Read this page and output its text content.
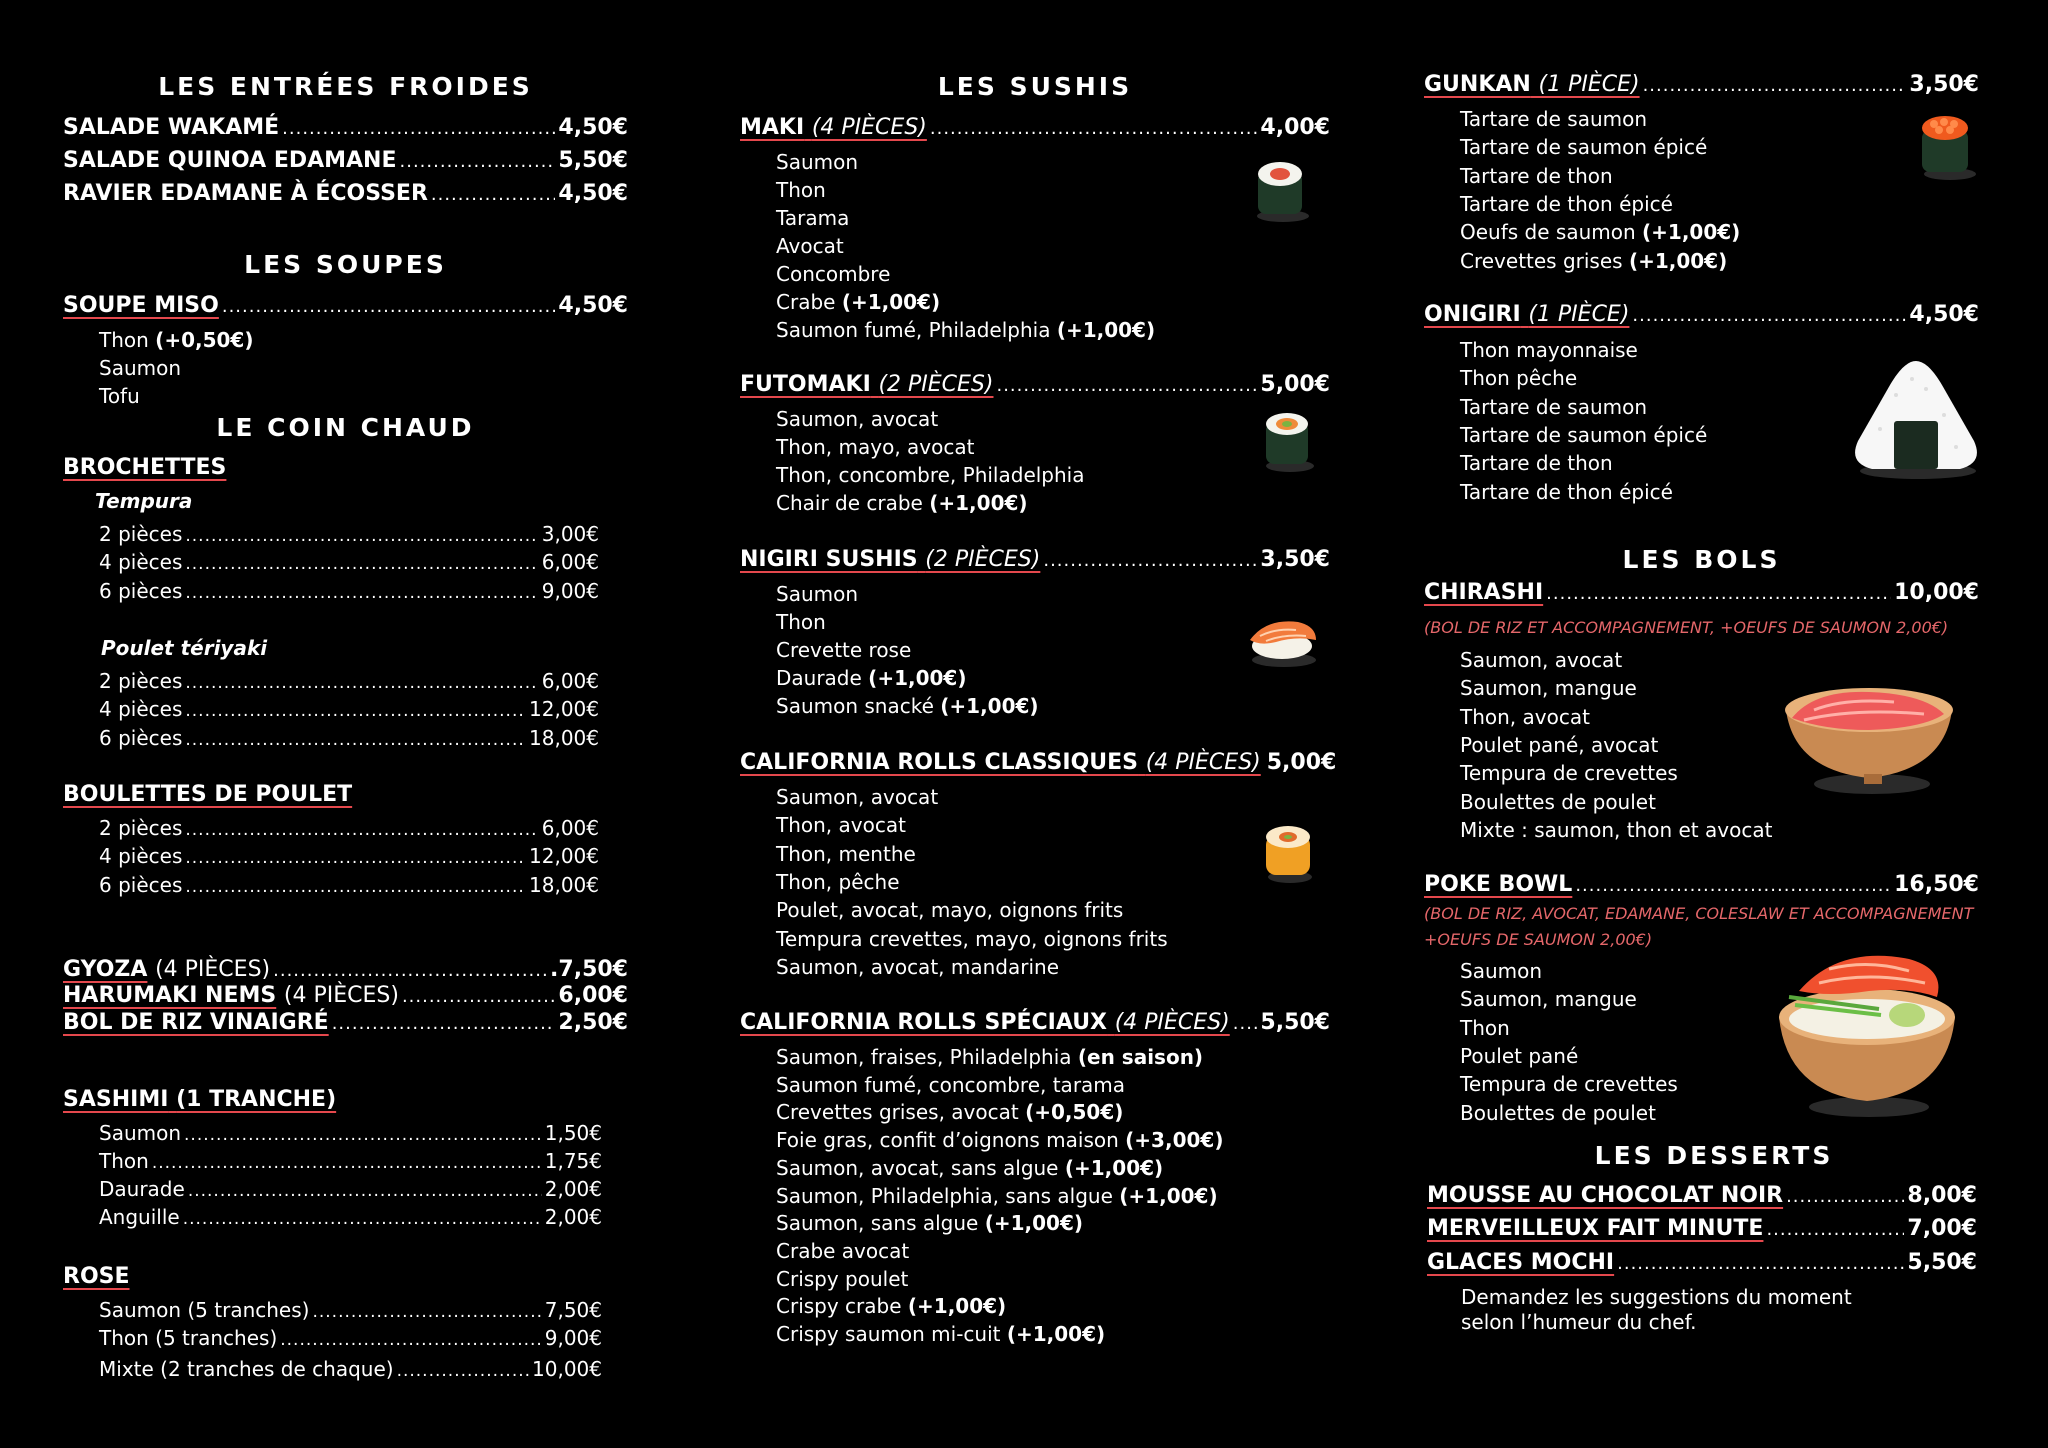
LES ENTRÉES FROIDES
SALADE WAKAMÉ .....	4,50€
SALADE QUINOA EDAMANE .....	5,50€
RAVIER EDAMANE À ÉCOSSER .....	4,50€
LES SOUPES
SOUPE MISO .....	4,50€
Thon (+0,50€)
Saumon
Tofu
LE COIN CHAUD
BROCHETTES
Tempura
2 pièces .....	3,00€
4 pièces .....	6,00€
6 pièces .....	9,00€
Poulet tériyaki
2 pièces .....	6,00€
4 pièces .....	12,00€
6 pièces .....	18,00€
BOULETTES DE POULET
2 pièces .....	6,00€
4 pièces .....	12,00€
6 pièces .....	18,00€
GYOZA (4 PIÈCES) .....	.7,50€
HARUMAKI NEMS (4 PIÈCES) .....	6,00€
BOL DE RIZ VINAIGRÉ .....	2,50€
SASHIMI (1 TRANCHE)
Saumon .....	1,50€
Thon .....	1,75€
Daurade .....	2,00€
Anguille .....	2,00€
ROSE
Saumon (5 tranches) .....	7,50€
Thon (5 tranches) .....	9,00€
Mixte (2 tranches de chaque) .....	10,00€
LES SUSHIS
MAKI (4 PIÈCES) .....	4,00€
Saumon
Thon
Tarama
Avocat
Concombre
Crabe (+1,00€)
Saumon fumé, Philadelphia (+1,00€)
FUTOMAKI (2 PIÈCES) .....	5,00€
Saumon, avocat
Thon, mayo, avocat
Thon, concombre, Philadelphia
Chair de crabe (+1,00€)
NIGIRI SUSHIS (2 PIÈCES) .....	3,50€
Saumon
Thon
Crevette rose
Daurade (+1,00€)
Saumon snacké (+1,00€)
CALIFORNIA ROLLS CLASSIQUES (4 PIÈCES) 5,00€
Saumon, avocat
Thon, avocat
Thon, menthe
Thon, pêche
Poulet, avocat, mayo, oignons frits
Tempura crevettes, mayo, oignons frits
Saumon, avocat, mandarine
CALIFORNIA ROLLS SPÉCIAUX (4 PIÈCES) ..... 5,50€
Saumon, fraises, Philadelphia (en saison)
Saumon fumé, concombre, tarama
Crevettes grises, avocat (+0,50€)
Foie gras, confit d’oignons maison (+3,00€)
Saumon, avocat, sans algue (+1,00€)
Saumon, Philadelphia, sans algue (+1,00€)
Saumon, sans algue (+1,00€)
Crabe avocat
Crispy poulet
Crispy crabe (+1,00€)
Crispy saumon mi-cuit (+1,00€)
GUNKAN (1 PIÈCE) .....	3,50€
Tartare de saumon
Tartare de saumon épicé
Tartare de thon
Tartare de thon épicé
Oeufs de saumon (+1,00€)
Crevettes grises (+1,00€)
ONIGIRI (1 PIÈCE) .....	4,50€
Thon mayonnaise
Thon pêche
Tartare de saumon
Tartare de saumon épicé
Tartare de thon
Tartare de thon épicé
LES BOLS
CHIRASHI .....	10,00€
(BOL DE RIZ ET ACCOMPAGNEMENT, +OEUFS DE SAUMON 2,00€)
Saumon, avocat
Saumon, mangue
Thon, avocat
Poulet pané, avocat
Tempura de crevettes
Boulettes de poulet
Mixte : saumon, thon et avocat
POKE BOWL .....	16,50€
(BOL DE RIZ, AVOCAT, EDAMANE, COLESLAW ET ACCOMPAGNEMENT
+OEUFS DE SAUMON 2,00€)
Saumon
Saumon, mangue
Thon
Poulet pané
Tempura de crevettes
Boulettes de poulet
LES DESSERTS
MOUSSE AU CHOCOLAT NOIR .....	8,00€
MERVEILLEUX FAIT MINUTE .....	7,00€
GLACES MOCHI .....	5,50€
Demandez les suggestions du moment
selon l’humeur du chef.
